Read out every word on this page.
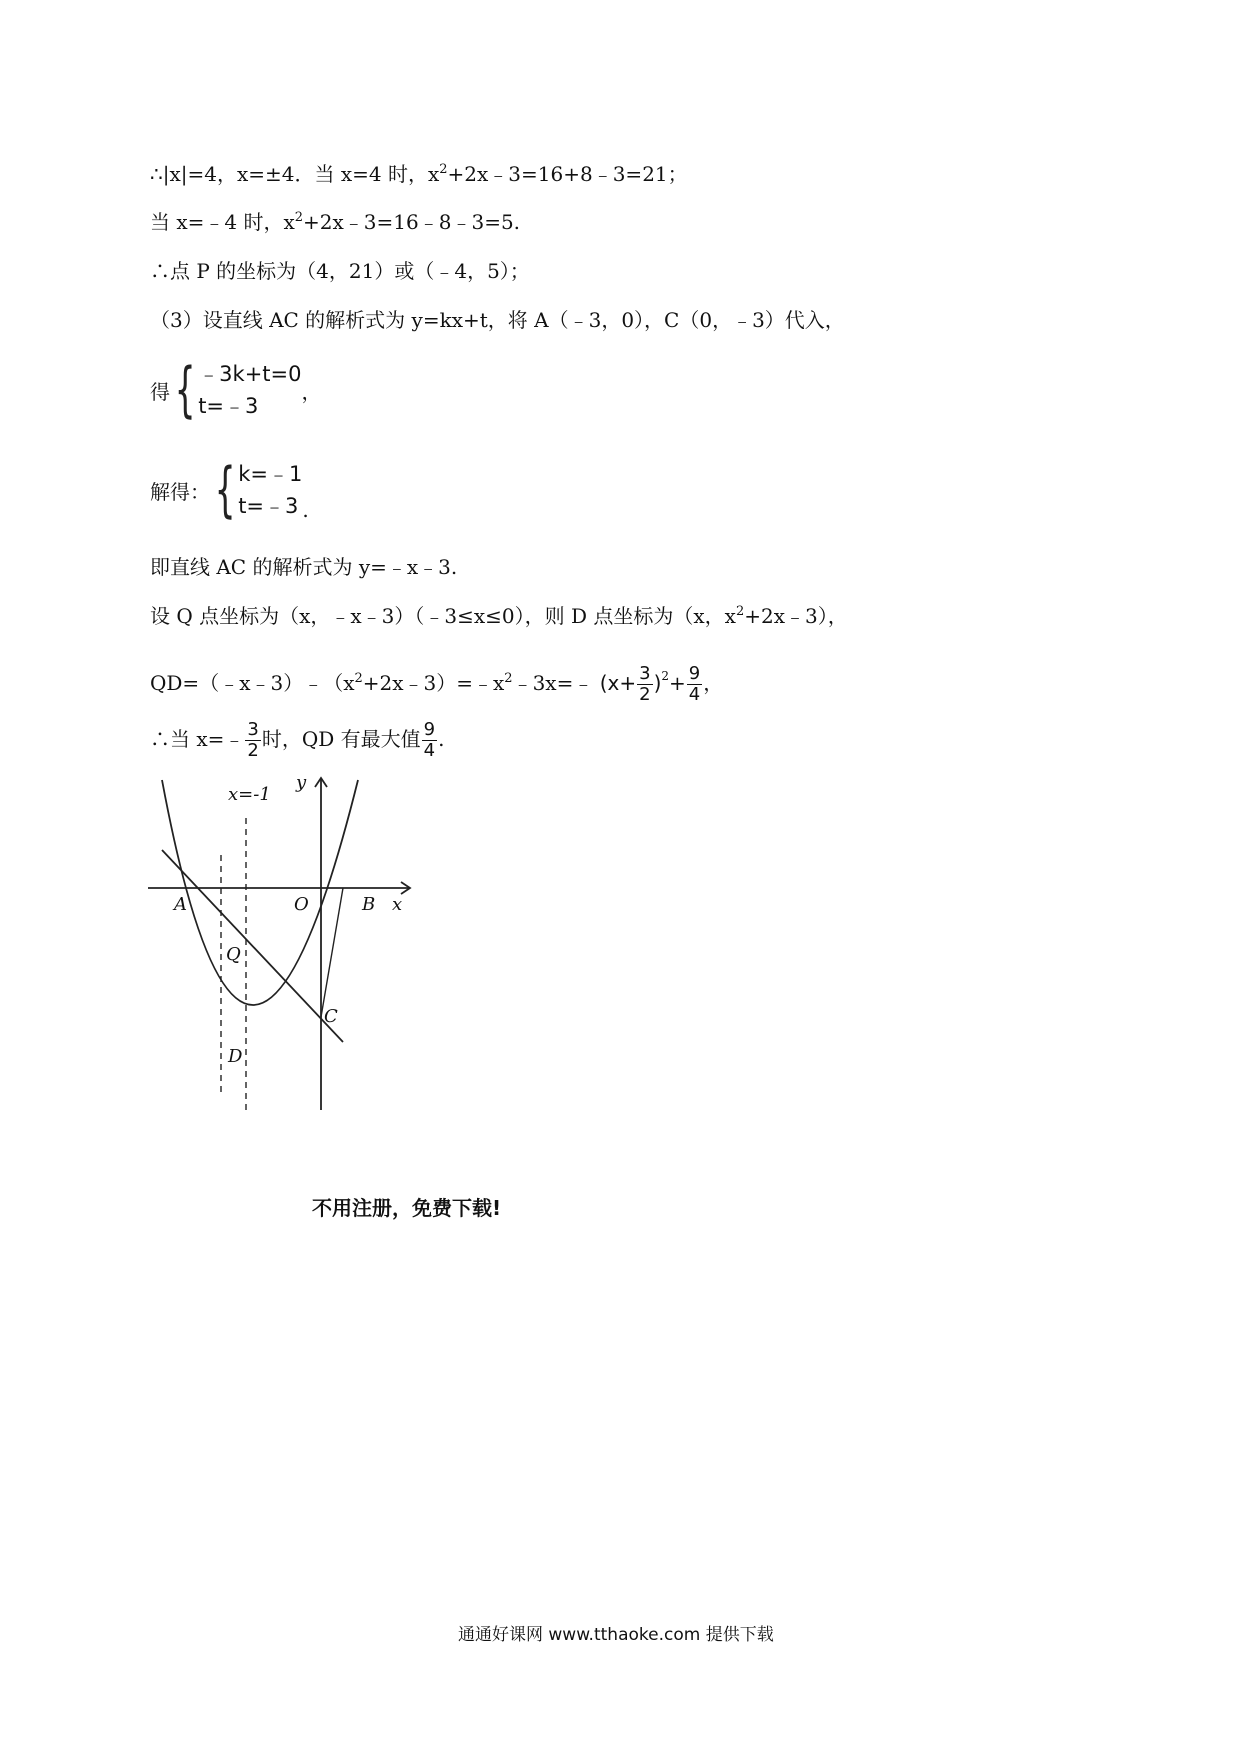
∴|x|=4，x=±4．当 x=4 时，$x^2+2x﹣3=16+8﹣3=21$；
当 x=﹣4 时，$x^2+2x﹣3=16﹣8﹣3=5$.
∴点 P 的坐标为（4，21）或（﹣4，5）；
（3）设直线 AC 的解析式为 y=kx+t，将 A（﹣3，0），C（0，﹣3）代入，
得 { ﹣3k+t=0
t=﹣3
，
解得： { k=﹣1
t=﹣3 .
即直线 AC 的解析式为 y=﹣x﹣3.
设 Q 点坐标为（x，﹣x﹣3）（﹣3≤x≤0），则 D 点坐标为（x，$x^2+2x﹣3$），
$QD=(﹣x﹣3)﹣(x^2+2x﹣3)=﹣x^2﹣3x=﹣$ $(x+ \frac{3}{2} )^2+ \frac{9}{4}$ ，
∴当 x=﹣ $\frac{3}{2}$ 时，QD 有最大值 $\frac{9}{4}$ .
x=-1
y
x
A	O	B
Q
C
D
不用注册，免费下载!
通通好课网 www.tthaoke.com 提供下载
